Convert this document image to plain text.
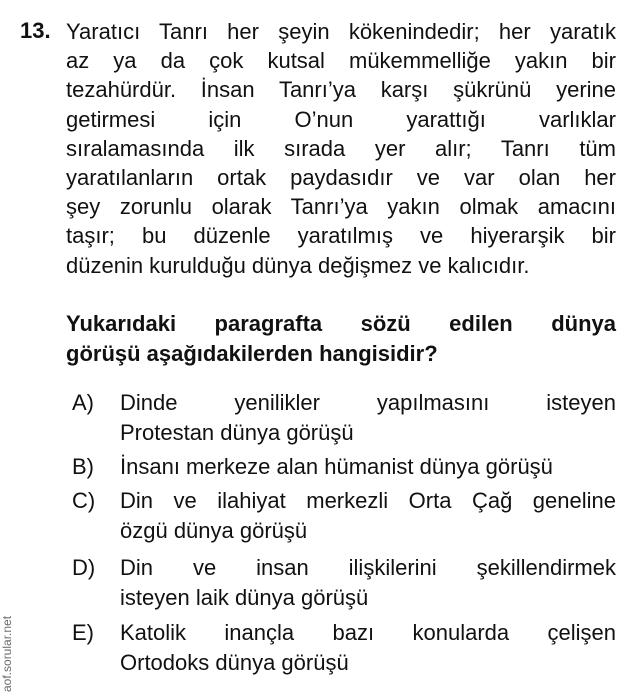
13. Yaratıcı Tanrı her şeyin kökenindedir; her yaratık
az ya da çok kutsal mükemmelliğe yakın bir
tezahürdür. İnsan Tanrı’ya karşı şükrünü yerine
getirmesi için O’nun yarattığı varlıklar
sıralamasında ilk sırada yer alır; Tanrı tüm
yaratılanların ortak paydasıdır ve var olan her
şey zorunlu olarak Tanrı’ya yakın olmak amacını
taşır; bu düzenle yaratılmış ve hiyerarşik bir
düzenin kurulduğu dünya değişmez ve kalıcıdır.
Yukarıdaki paragrafta sözü edilen dünya
görüşü aşağıdakilerden hangisidir?
A) Dinde yenilikler yapılmasını isteyen
Protestan dünya görüşü
B) İnsanı merkeze alan hümanist dünya görüşü
C) Din ve ilahiyat merkezli Orta Çağ geneline
özgü dünya görüşü
D) Din ve insan ilişkilerini şekillendirmek
isteyen laik dünya görüşü
E) Katolik inançla bazı konularda çelişen
Ortodoks dünya görüşü
aof.sorular.net
